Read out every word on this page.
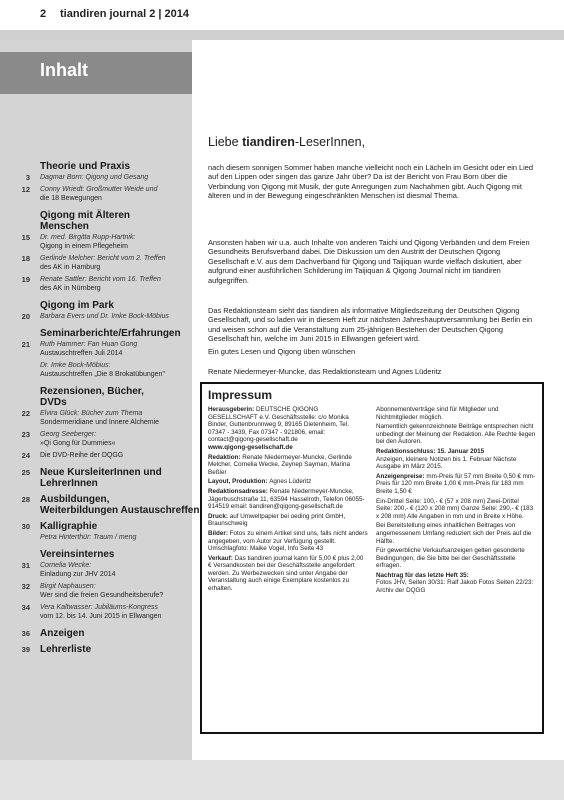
2 tiandiren journal 2 | 2014
Inhalt
Theorie und Praxis
3 Dagmar Born: Qigong und Gesang
12 Conny Wriedt: Großmutter Weide und
die 18 Bewegungen
Qigong mit Älteren
Menschen
15 Dr. med. Birgitta Rupp-Hartnik:
Qigong in einem Pflegeheim
18 Gerlinde Melcher: Bericht vom 2. Treffen
des AK in Hamburg
19 Renate Sattler: Bericht vom 16. Treffen
des AK in Nürnberg
Qigong im Park
20 Barbara Evers und Dr. Imke Bock-Möbius
Seminarberichte/Erfahrungen
21 Ruth Hammer: Fan Huan Gong
Austauschtreffen Juli 2014
Dr. Imke Bock-Möbius:
Austauschtreffen „Die 8 Brokatübungen"
Rezensionen, Bücher,
DVDs
22 Elvira Glück: Bücher zum Thema
Sondermeridiane und Innere Alchemie
23 Georg Seeberger:
»Qi Gong für Dummies«
24 Die DVD-Reihe der DQGG
25 Neue KursleiterInnen und
LehrerInnen
28 Ausbildungen,
Weiterbildungen Austauschreffen
30 Kalligraphie
Petra Hinterthür: Traum / meng
Vereinsinternes
31 Cornelia Wecke:
Einladung zur JHV 2014
32 Birgit Naphausen:
Wer sind die freien Gesundheitsberufe?
34 Vera Kaltwasser: Jubiläums-Kongress
vom 12. bis 14. Juni 2015 in Ellwangen
36 Anzeigen
39 Lehrerliste
Liebe tiandiren-LeserInnen,

nach diesem sonnigen Sommer haben manche vielleicht noch ein Lächeln im Gesicht oder ein Lied auf den Lippen oder singen das ganze Jahr über? Da ist der Bericht von Frau Born über die Verbindung von Qigong mit Musik, der gute Anregungen zum Nachahmen gibt. Auch Qigong mit älteren und in der Bewegung eingeschränkten Menschen ist diesmal Thema.

Ansonsten haben wir u.a. auch Inhalte von anderen Taichi und Qigong Verbänden und dem Freien Gesundheits Berufsverband dabei. Die Diskussion um den Austritt der Deutschen Qigong Gesellschaft e.V. aus dem Dachverband für Qigong und Taijiquan wurde vielfach diskutiert, aber aufgrund einer ausführlichen Schilderung im Taijiquan & Qigong Journal nicht im tiandiren aufgegriffen.

Das Redaktionsteam sieht das tiandiren als informative Mitgliedszeitung der Deutschen Qigong Gesellschaft, und so laden wir in diesem Heft zur nächsten Jahreshauptversammlung bei Berlin ein und weisen schon auf die Veranstaltung zum 25-jährigen Bestehen der Deutschen Qigong Gesellschaft hin, welche im Juni 2015 in Ellwangen gefeiert wird.

Ein gutes Lesen und Qigong üben wünschen

Renate Niedermeyer-Muncke, das Redaktionsteam und Agnes Lüderitz

Impressum

Herausgeberin: DEUTSCHE QIGONG GESELLSCHAFT e.V. Geschäftsstelle: c/o Monika Binder, Guttenbrunnweg 9, 89165 Dietenheim, Tel. 07347 - 3439, Fax 07347 - 921806, email: contact@qigong-gesellschaft.de
www.qigong-gesellschaft.de

Redaktion: Renate Niedermeyer-Muncke, Gerlinde Melcher, Cornelia Wecke, Zeynep Sayman, Marina Beßler

Layout, Produktion: Agnes Lüderitz

Redaktionsadresse: Renate Niedermeyer-Muncke, Jägerbuschstraße 11, 63594 Hasselroth, Telefon 06055-914519 email: tiandiren@qigong-gesellschaft.de

Druck: auf Umweltpapier bei oeding print GmbH, Braunschweig

Bilder: Fotos zu einem Artikel sind uns, falls nicht anders angegeben, vom Autor zur Verfügung gestellt. Umschlagfoto: Maike Vogel, Info Seite 43

Verkauf: Das tiandiren journal kann für 5,00 € plus 2,00 € Versandkosten bei der Geschäftsstelle angefordert werden. Zu Werbezwecken sind unter Angabe der Veranstaltung auch einige Exemplare kostenlos zu erhalten.

Abonnementverträge sind für Mitglieder und Nichtmitglieder möglich.

Namentlich gekennzeichnete Beiträge entsprechen nicht unbedingt der Meinung der Redaktion. Alle Rechte liegen bei den Autoren.

Redaktionsschluss: 15. Januar 2015
Anzeigen, kleinere Notizen bis 1. Februar Nächste Ausgabe im März 2015.

Anzeigenpreise: mm-Preis für 57 mm Breite 0,50 € mm-Preis für 120 mm Breite 1,00 € mm-Preis für 183 mm Breite 1,50 €

Ein-Drittel Seite: 100,- € (57 x 208 mm) Zwei-Drittel Seite: 200,- € (120 x 208 mm) Ganze Seite: 290,- € (183 x 208 mm) Alle Angaben in mm und in Breite x Höhe.

Bei Bereitstellung eines inhaltlichen Beitrages von angemessenem Umfang reduziert sich der Preis auf die Hälfte.

Für gewerbliche Verkaufsanzeigen gelten gesonderte Bedingungen, die Sie bitte bei der Geschäftsstelle erfragen.

Nachtrag für das letzte Heft 35:
Fotos JHV, Seiten 30/31: Ralf Jakob Fotos Seiten 22/23: Archiv der DQGG
